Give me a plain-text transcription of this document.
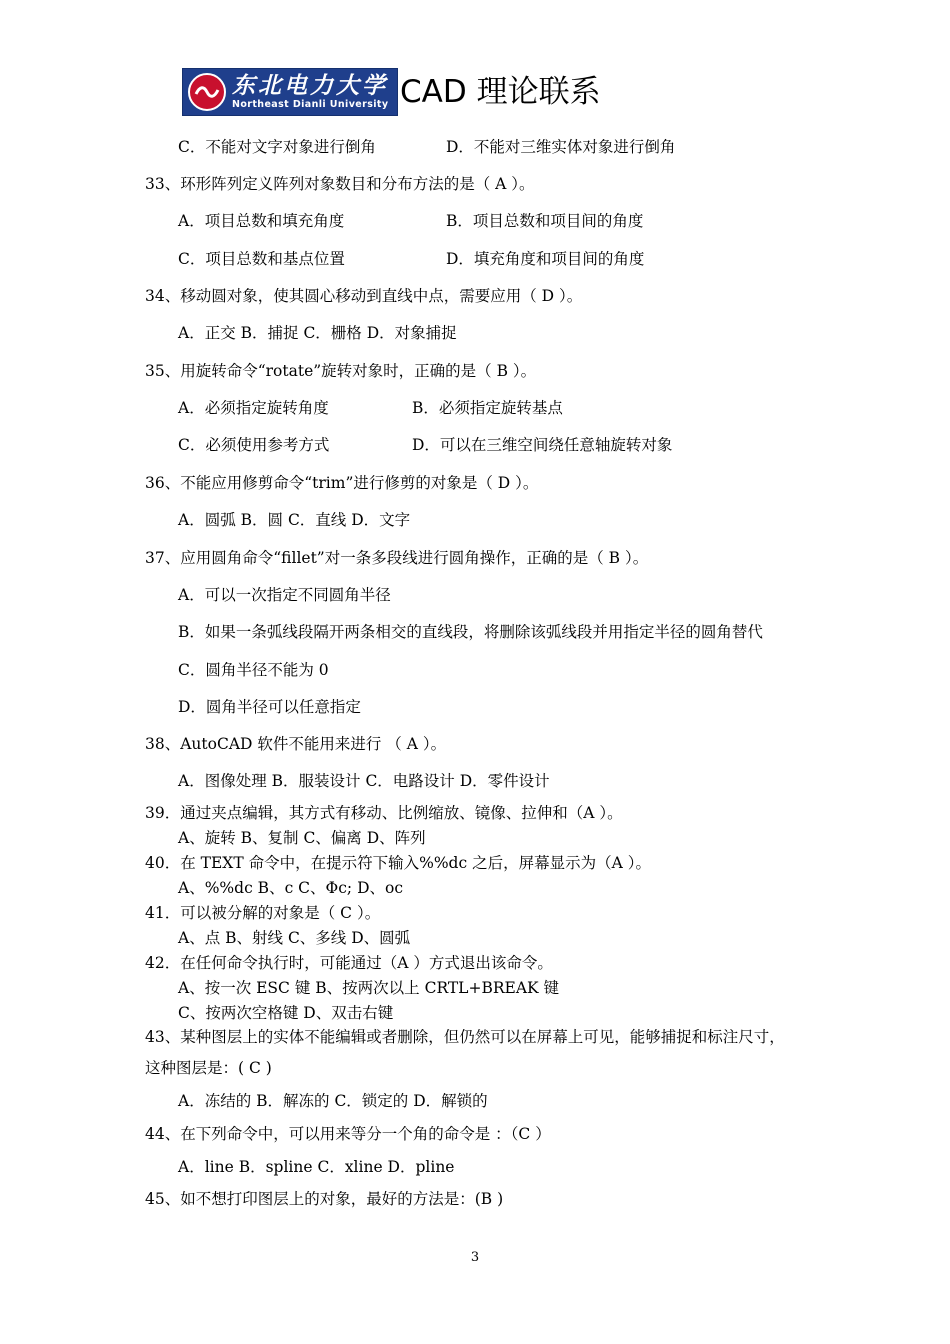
东北电力大学
Northeast Dianli University CAD 理论联系
C．不能对文字对象进行倒角	D．不能对三维实体对象进行倒角
33、环形阵列定义阵列对象数目和分布方法的是（ A ）。
A．项目总数和填充角度	B．项目总数和项目间的角度
C．项目总数和基点位置	D．填充角度和项目间的角度
34、移动圆对象，使其圆心移动到直线中点，需要应用（ D ）。
A．正交 B．捕捉 C．栅格 D．对象捕捉
35、用旋转命令“rotate”旋转对象时，正确的是（ B ）。
A．必须指定旋转角度	B．必须指定旋转基点
C．必须使用参考方式	D．可以在三维空间绕任意轴旋转对象
36、不能应用修剪命令“trim”进行修剪的对象是（ D ）。
A．圆弧 B．圆 C．直线 D．文字
37、应用圆角命令“fillet”对一条多段线进行圆角操作，正确的是（ B ）。
A．可以一次指定不同圆角半径
B．如果一条弧线段隔开两条相交的直线段，将删除该弧线段并用指定半径的圆角替代
C．圆角半径不能为 0
D．圆角半径可以任意指定
38、AutoCAD 软件不能用来进行 （ A ）。
A．图像处理 B．服装设计 C．电路设计 D．零件设计
39．通过夹点编辑，其方式有移动、比例缩放、镜像、拉伸和（A ）。
A、旋转 B、复制 C、偏离 D、阵列
40．在 TEXT 命令中，在提示符下输入%%dc 之后，屏幕显示为（A ）。
A、%%dc B、c C、Φc; D、oc
41．可以被分解的对象是（ C ）。
A、点 B、射线 C、多线 D、圆弧
42．在任何命令执行时，可能通过（A ）方式退出该命令。
A、按一次 ESC 键 B、按两次以上 CRTL+BREAK 键
C、按两次空格键 D、双击右键
43、某种图层上的实体不能编辑或者删除，但仍然可以在屏幕上可见，能够捕捉和标注尺寸，
这种图层是：( C )
A．冻结的 B．解冻的 C．锁定的 D．解锁的
44、在下列命令中，可以用来等分一个角的命令是 ：（C ）
A．line B．spline C．xline D．pline
45、如不想打印图层上的对象，最好的方法是：(B )
3
